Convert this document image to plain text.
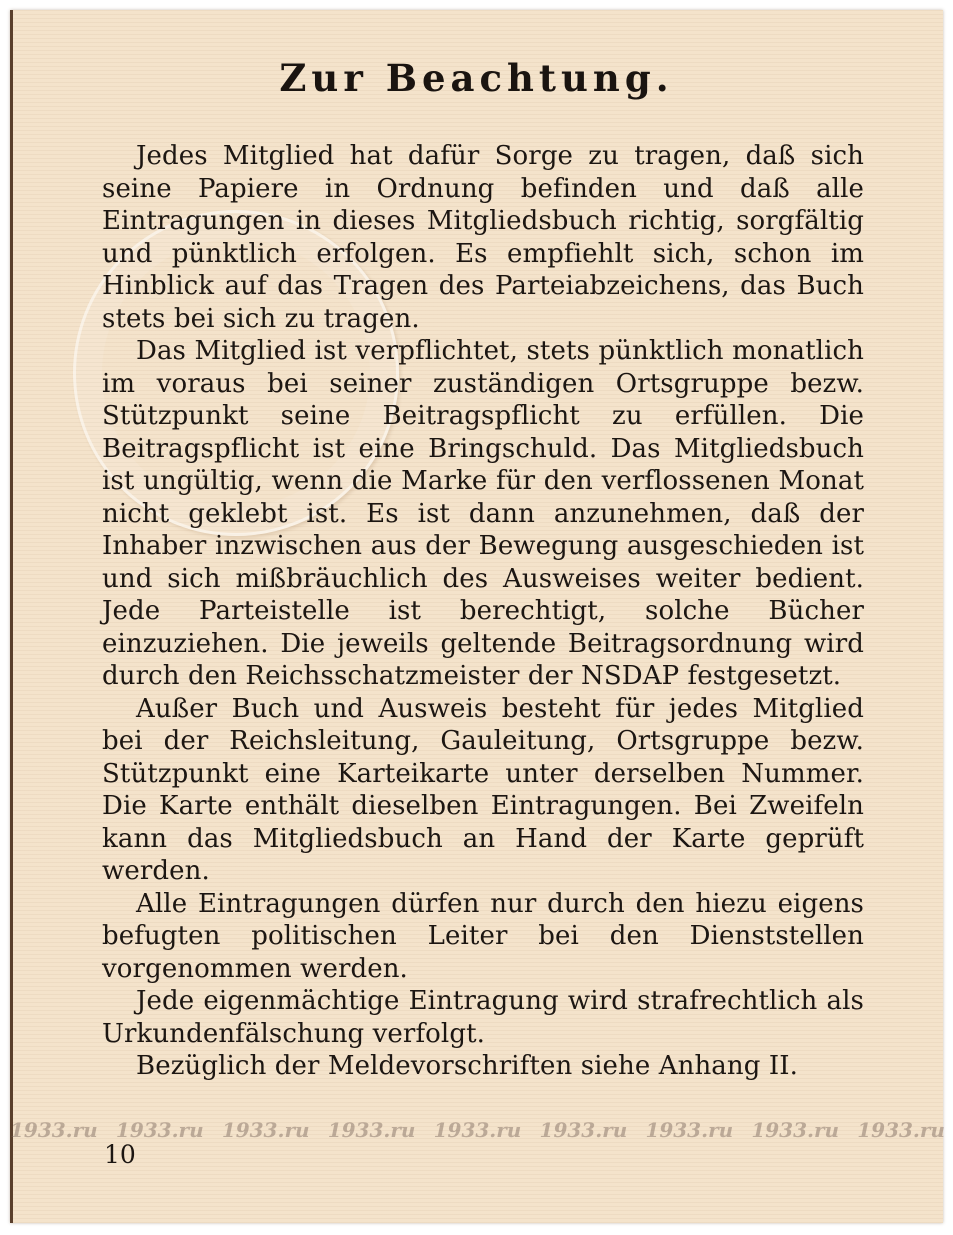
Zur Beachtung.

Jedes Mitglied hat dafür Sorge zu tragen, daß sich seine Papiere in Ordnung befinden und daß alle Eintragungen in dieses Mitgliedsbuch richtig, sorgfältig und pünktlich erfolgen. Es empfiehlt sich, schon im Hinblick auf das Tragen des Parteiabzeichens, das Buch stets bei sich zu tragen.

Das Mitglied ist verpflichtet, stets pünktlich monatlich im voraus bei seiner zuständigen Ortsgruppe bezw. Stützpunkt seine Beitragspflicht zu erfüllen. Die Beitragspflicht ist eine Bringschuld. Das Mitgliedsbuch ist ungültig, wenn die Marke für den verflossenen Monat nicht geklebt ist. Es ist dann anzunehmen, daß der Inhaber inzwischen aus der Bewegung ausgeschieden ist und sich mißbräuchlich des Ausweises weiter bedient. Jede Parteistelle ist berechtigt, solche Bücher einzuziehen. Die jeweils geltende Beitragsordnung wird durch den Reichsschatzmeister der NSDAP festgesetzt.

Außer Buch und Ausweis besteht für jedes Mitglied bei der Reichsleitung, Gauleitung, Ortsgruppe bezw. Stützpunkt eine Karteikarte unter derselben Nummer. Die Karte enthält dieselben Eintragungen. Bei Zweifeln kann das Mitgliedsbuch an Hand der Karte geprüft werden.

Alle Eintragungen dürfen nur durch den hiezu eigens befugten politischen Leiter bei den Dienststellen vorgenommen werden.

Jede eigenmächtige Eintragung wird strafrechtlich als Urkundenfälschung verfolgt.

Bezüglich der Meldevorschriften siehe Anhang II.

1933.ru 1933.ru 1933.ru 1933.ru 1933.ru 1933.ru 1933.ru 1933.ru 1933.ru
10
